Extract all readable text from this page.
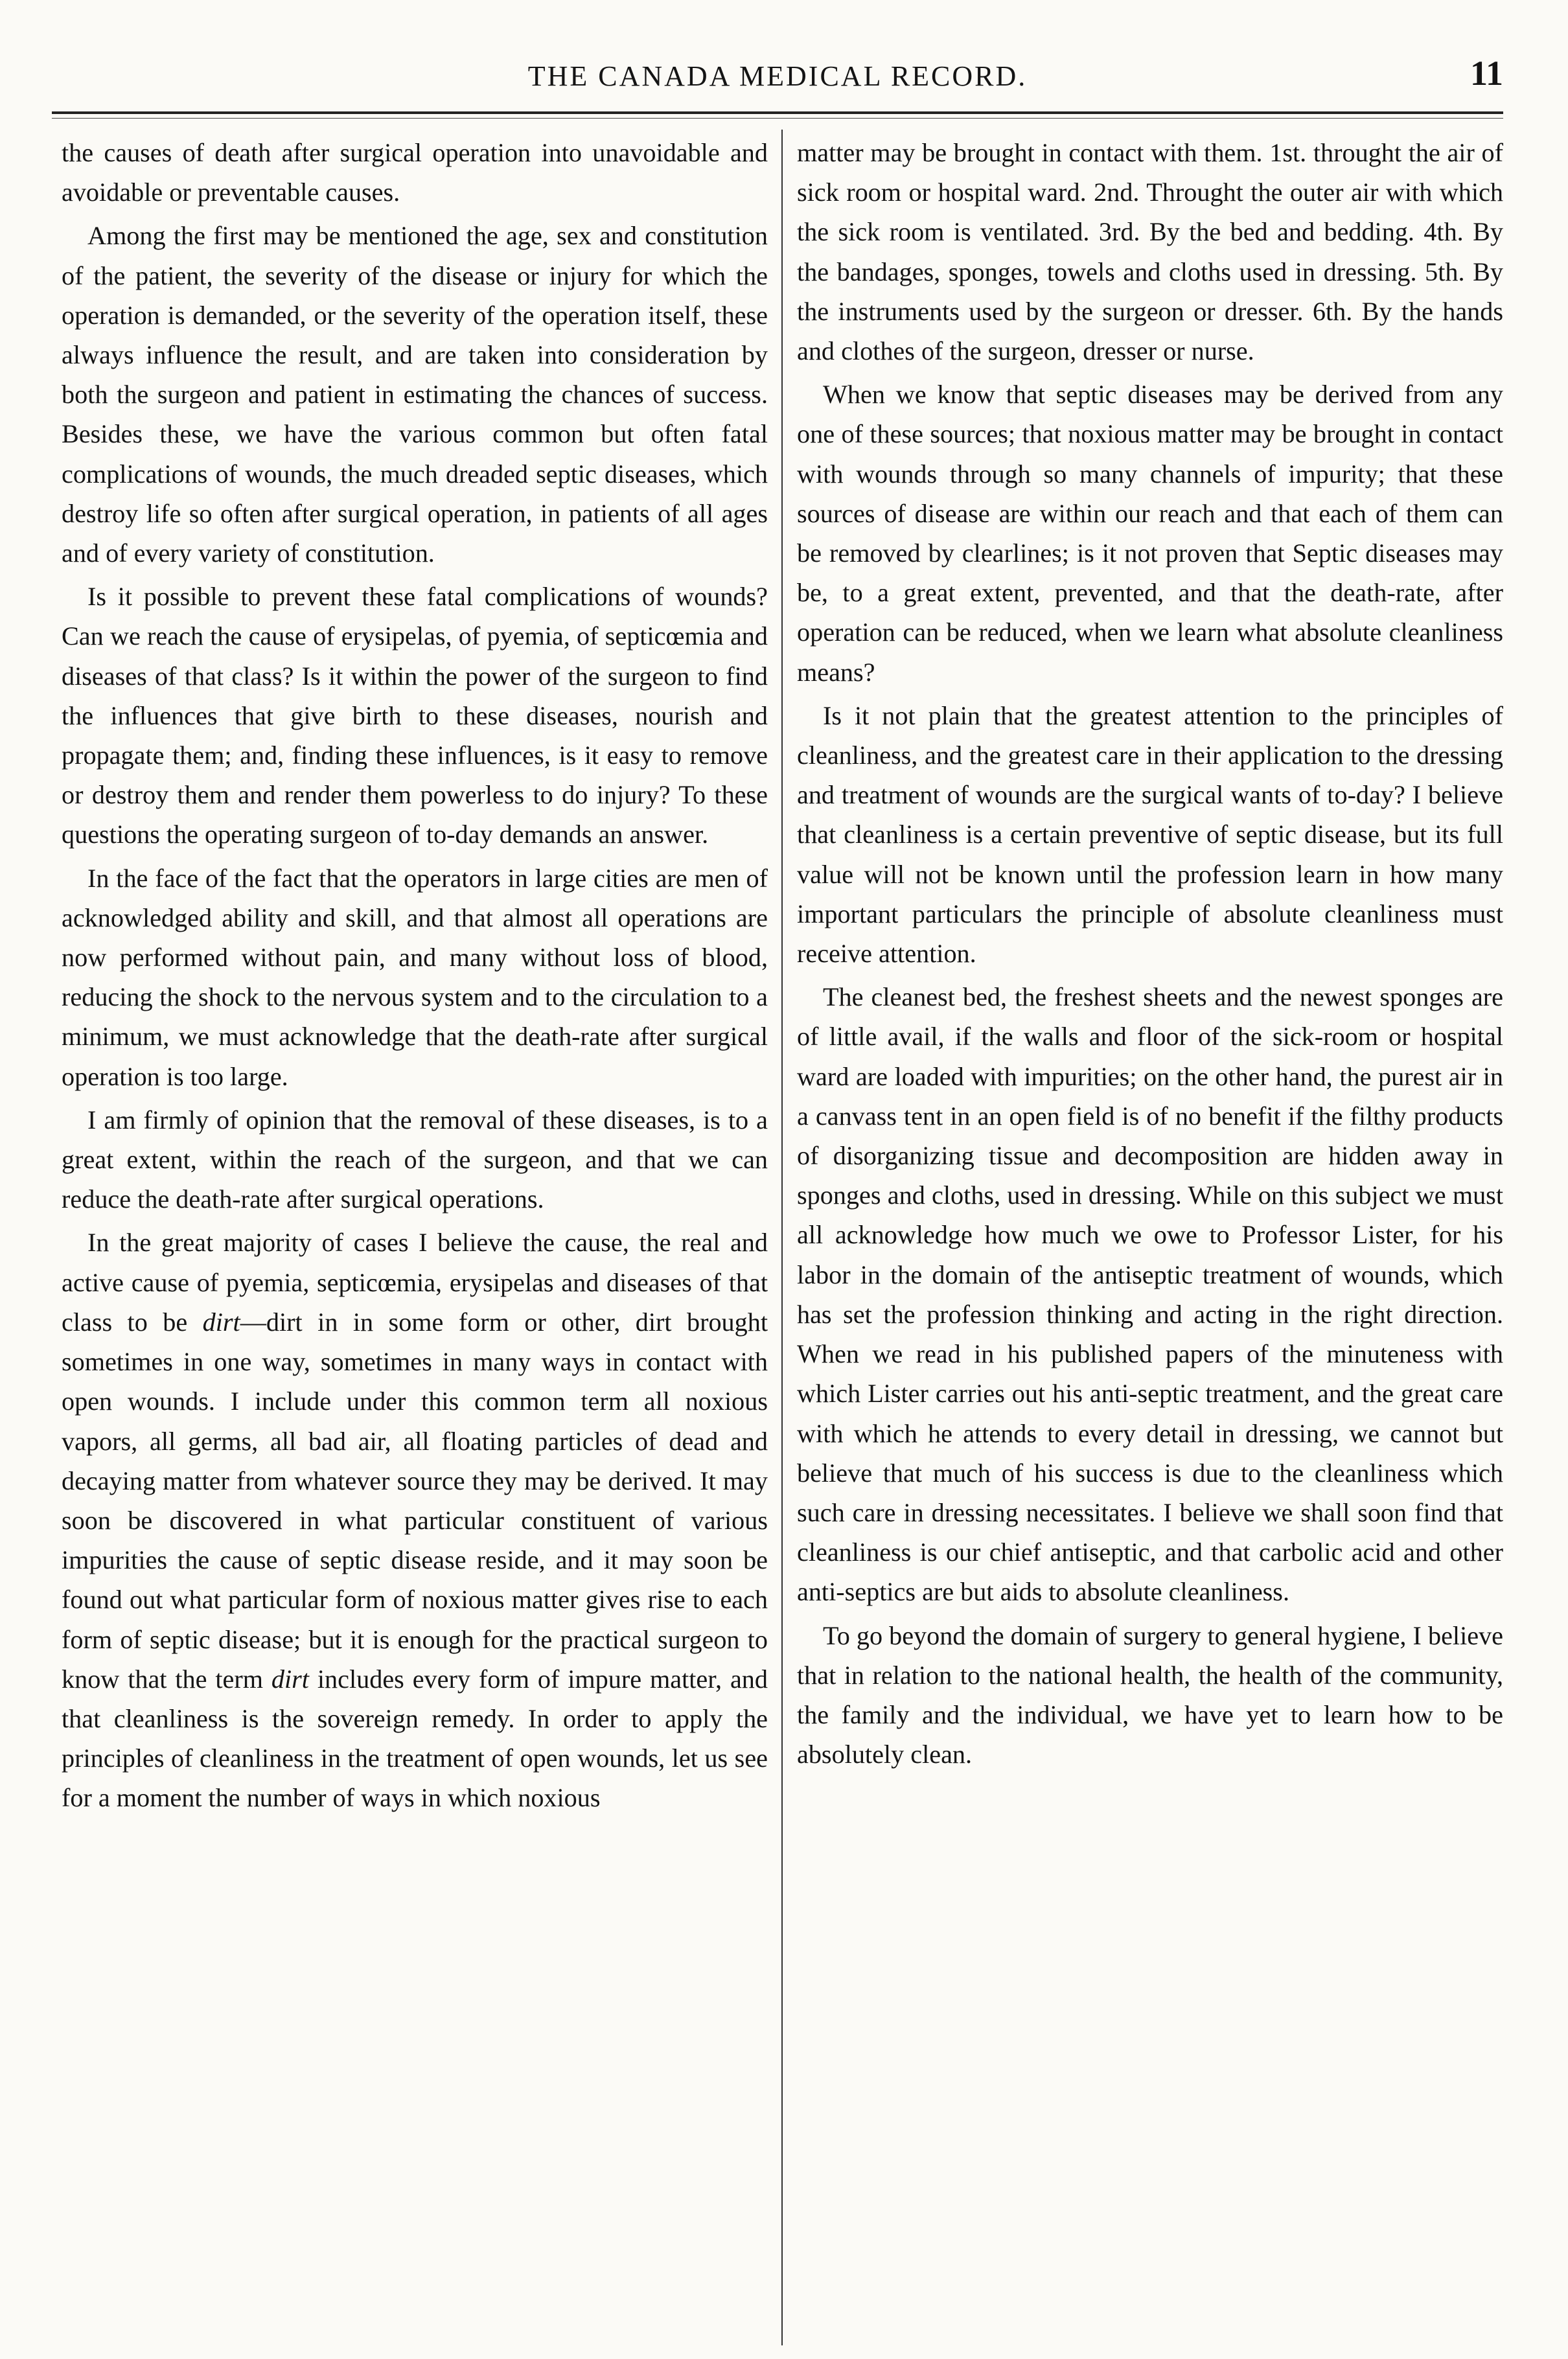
THE CANADA MEDICAL RECORD.	11

the causes of death after surgical operation into unavoidable and avoidable or preventable causes.

Among the first may be mentioned the age, sex and constitution of the patient, the severity of the disease or injury for which the operation is demanded, or the severity of the operation itself, these always influence the result, and are taken into consideration by both the surgeon and patient in estimating the chances of success. Besides these, we have the various common but often fatal complications of wounds, the much dreaded septic diseases, which destroy life so often after surgical operation, in patients of all ages and of every variety of constitution.

Is it possible to prevent these fatal complications of wounds? Can we reach the cause of erysipelas, of pyemia, of septicœmia and diseases of that class? Is it within the power of the surgeon to find the influences that give birth to these diseases, nourish and propagate them; and, finding these influences, is it easy to remove or destroy them and render them powerless to do injury? To these questions the operating surgeon of to-day demands an answer.

In the face of the fact that the operators in large cities are men of acknowledged ability and skill, and that almost all operations are now performed without pain, and many without loss of blood, reducing the shock to the nervous system and to the circulation to a minimum, we must acknowledge that the death-rate after surgical operation is too large.

I am firmly of opinion that the removal of these diseases, is to a great extent, within the reach of the surgeon, and that we can reduce the death-rate after surgical operations.

In the great majority of cases I believe the cause, the real and active cause of pyemia, septicœmia, erysipelas and diseases of that class to be dirt—dirt in in some form or other, dirt brought sometimes in one way, sometimes in many ways in contact with open wounds. I include under this common term all noxious vapors, all germs, all bad air, all floating particles of dead and decaying matter from whatever source they may be derived. It may soon be discovered in what particular constituent of various impurities the cause of septic disease reside, and it may soon be found out what particular form of noxious matter gives rise to each form of septic disease; but it is enough for the practical surgeon to know that the term dirt includes every form of impure matter, and that cleanliness is the sovereign remedy. In order to apply the principles of cleanliness in the treatment of open wounds, let us see for a moment the number of ways in which noxious

matter may be brought in contact with them. 1st. throught the air of sick room or hospital ward. 2nd. Throught the outer air with which the sick room is ventilated. 3rd. By the bed and bedding. 4th. By the bandages, sponges, towels and cloths used in dressing. 5th. By the instruments used by the surgeon or dresser. 6th. By the hands and clothes of the surgeon, dresser or nurse.

When we know that septic diseases may be derived from any one of these sources; that noxious matter may be brought in contact with wounds through so many channels of impurity; that these sources of disease are within our reach and that each of them can be removed by clearlines; is it not proven that Septic diseases may be, to a great extent, prevented, and that the death-rate, after operation can be reduced, when we learn what absolute cleanliness means?

Is it not plain that the greatest attention to the principles of cleanliness, and the greatest care in their application to the dressing and treatment of wounds are the surgical wants of to-day? I believe that cleanliness is a certain preventive of septic disease, but its full value will not be known until the profession learn in how many important particulars the principle of absolute cleanliness must receive attention.

The cleanest bed, the freshest sheets and the newest sponges are of little avail, if the walls and floor of the sick-room or hospital ward are loaded with impurities; on the other hand, the purest air in a canvass tent in an open field is of no benefit if the filthy products of disorganizing tissue and decomposition are hidden away in sponges and cloths, used in dressing. While on this subject we must all acknowledge how much we owe to Professor Lister, for his labor in the domain of the antiseptic treatment of wounds, which has set the profession thinking and acting in the right direction. When we read in his published papers of the minuteness with which Lister carries out his anti-septic treatment, and the great care with which he attends to every detail in dressing, we cannot but believe that much of his success is due to the cleanliness which such care in dressing necessitates. I believe we shall soon find that cleanliness is our chief antiseptic, and that carbolic acid and other anti-septics are but aids to absolute cleanliness.

To go beyond the domain of surgery to general hygiene, I believe that in relation to the national health, the health of the community, the family and the individual, we have yet to learn how to be absolutely clean.
